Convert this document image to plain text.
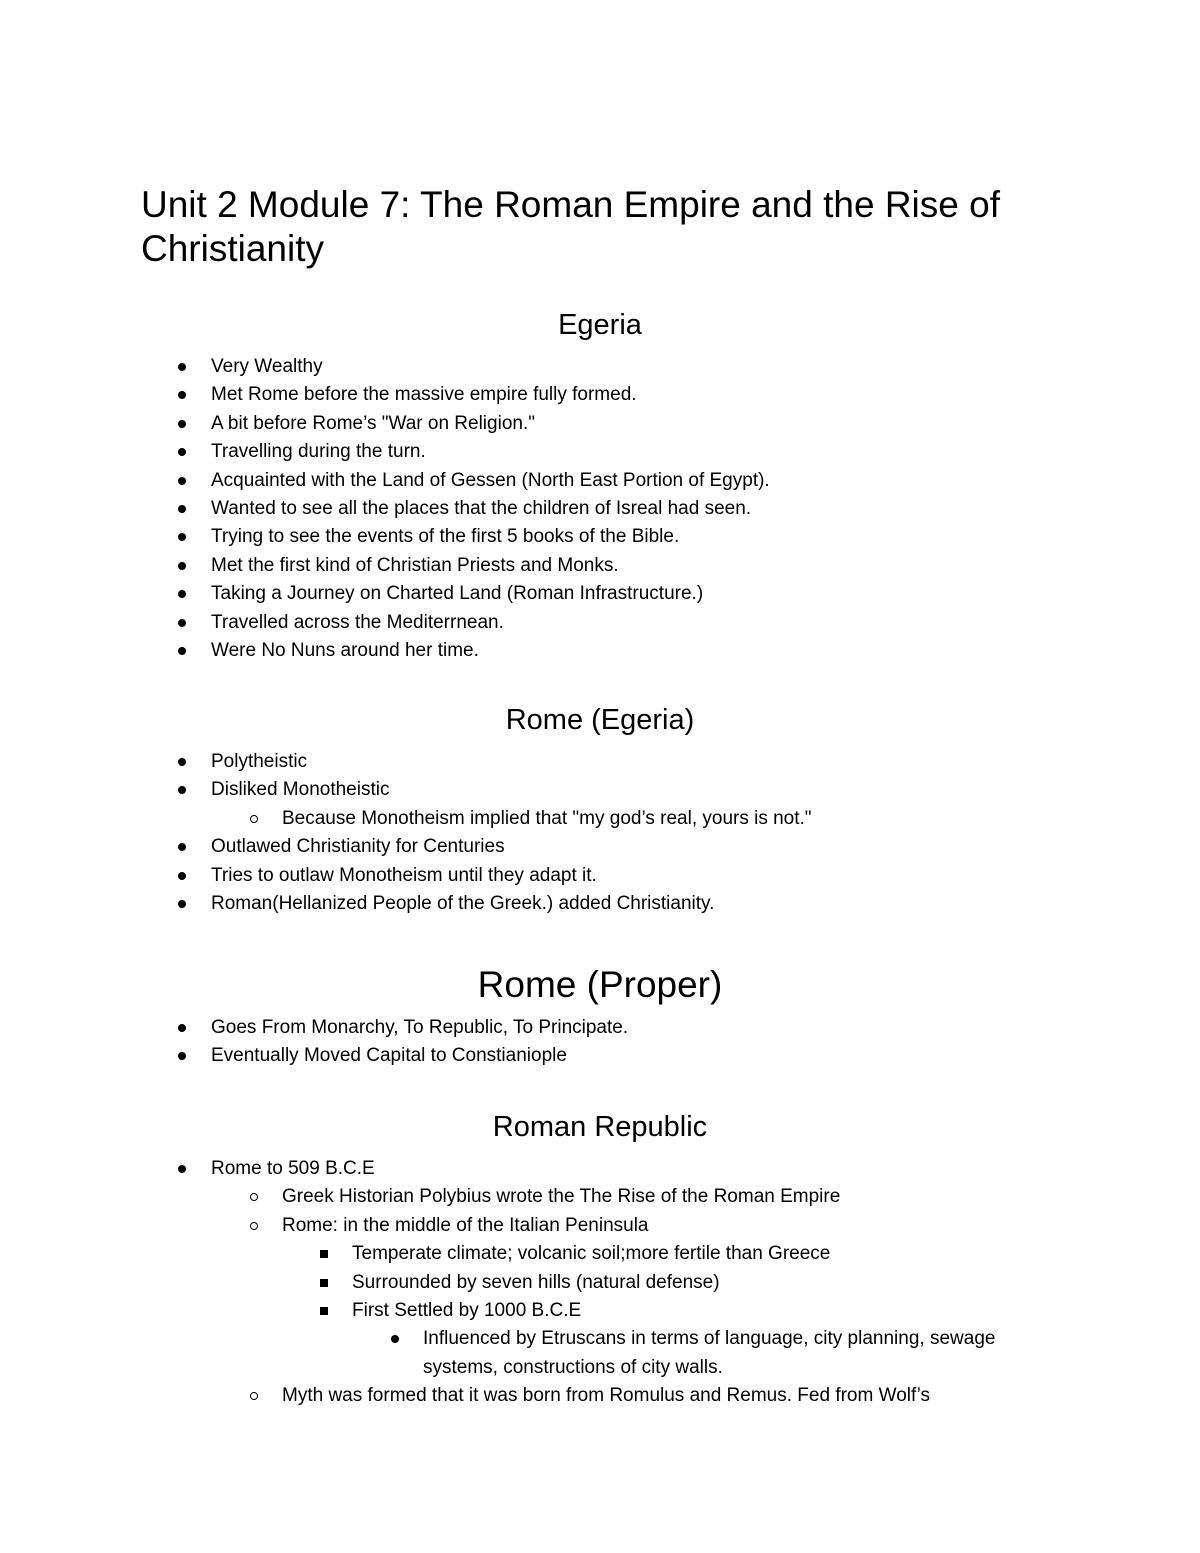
Unit 2 Module 7: The Roman Empire and the Rise of Christianity
Egeria
Very Wealthy
Met Rome before the massive empire fully formed.
A bit before Rome’s "War on Religion."
Travelling during the turn.
Acquainted with the Land of Gessen (North East Portion of Egypt).
Wanted to see all the places that the children of Isreal had seen.
Trying to see the events of the first 5 books of the Bible.
Met the first kind of Christian Priests and Monks.
Taking a Journey on Charted Land (Roman Infrastructure.)
Travelled across the Mediterrnean.
Were No Nuns around her time.
Rome (Egeria)
Polytheistic
Disliked Monotheistic
Because Monotheism implied that "my god’s real, yours is not."
Outlawed Christianity for Centuries
Tries to outlaw Monotheism until they adapt it.
Roman(Hellanized People of the Greek.) added Christianity.
Rome (Proper)
Goes From Monarchy, To Republic, To Principate.
Eventually Moved Capital to Constianiople
Roman Republic
Rome to 509 B.C.E
Greek Historian Polybius wrote the The Rise of the Roman Empire
Rome: in the middle of the Italian Peninsula
Temperate climate; volcanic soil;more fertile than Greece
Surrounded by seven hills (natural defense)
First Settled by 1000 B.C.E
Influenced by Etruscans in terms of language, city planning, sewage systems, constructions of city walls.
Myth was formed that it was born from Romulus and Remus. Fed from Wolf’s
